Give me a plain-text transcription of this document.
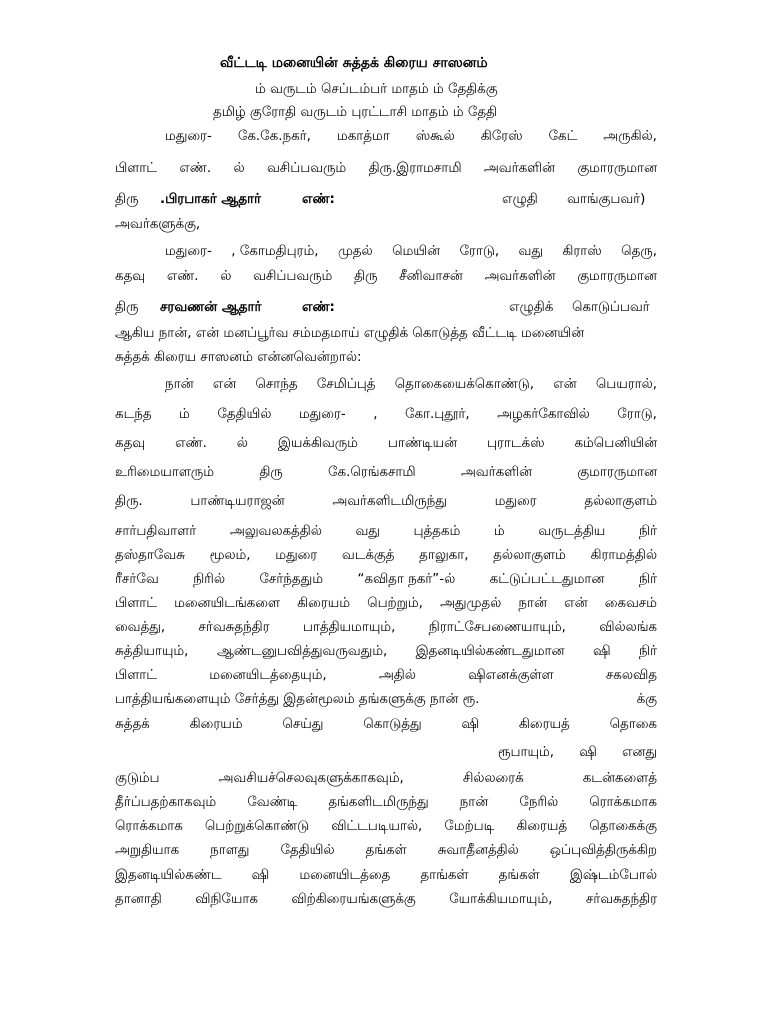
வீட்டடி மனையின் சுத்தக் கிரைய சாஸனம்
ம் வருடம் செப்டம்பர் மாதம் ம் தேதிக்கு
தமிழ் குரோதி வருடம் புரட்டாசி மாதம் ம் தேதி
மதுரை- கே.கே.நகர், மகாத்மா ஸ்கூல் கிரேஸ் கேட் அருகில்,
பிளாட் எண். ல் வசிப்பவரும் திரு.இராமசாமி அவர்களின் குமாரருமான
திரு .பிரபாகர் ஆதார்	எண்:	எழுதி வாங்குபவர்)
அவர்களுக்கு,
மதுரை- , கோமதிபுரம், முதல் மெயின் ரோடு, வது கிராஸ் தெரு,
கதவு எண். ல் வசிப்பவரும் திரு சீனிவாசன் அவர்களின் குமாரருமான
திரு சரவணன் ஆதார்	எண்:	எழுதிக் கொடுப்பவர்
ஆகிய நான், என் மனப்பூர்வ சம்மதமாய் எழுதிக் கொடுத்த வீட்டடி மனையின்
சுத்தக் கிரைய சாஸனம் என்னவென்றால்:
நான் என் சொந்த சேமிப்புத் தொகையைக்கொண்டு, என் பெயரால்,
கடந்த ம் தேதியில் மதுரை- , கோ.புதூர், அழகர்கோவில் ரோடு,
கதவு எண். ல் இயக்கிவரும் பாண்டியன் புராடக்ஸ் கம்பெனியின்
உரிமையாளரும்	திரு	கே.ரெங்கசாமி	அவர்களின்	குமாரருமான
திரு.	பாண்டியராஜன்	அவர்களிடமிருந்து	மதுரை	தல்லாகுளம்
சார்பதிவாளர்	அலுவலகத்தில்	வது	புத்தகம்	ம்	வருடத்திய	நிர்
தஸ்தாவேசு மூலம், மதுரை வடக்குத் தாலுகா, தல்லாகுளம் கிராமத்தில்
ரீசர்வே	நிரில்	சேர்ந்ததும்	“கவிதா நகர்”-ல்	கட்டுப்பட்டதுமான	நிர்
பிளாட் மனையிடங்களை கிரையம் பெற்றும், அதுமுதல் நான் என் கைவசம்
வைத்து, சர்வசுதந்திர பாத்தியமாயும், நிராட்சேபணையாயும், வில்லங்க
சுத்தியாயும், ஆண்டனுபவித்துவருவதும், இதனடியில்கண்டதுமான ஷி நிர்
பிளாட்	மனையிடத்தையும்,	அதில்	ஷிஎனக்குள்ள	சகலவித
பாத்தியங்களையும் சேர்த்து இதன்மூலம் தங்களுக்கு நான் ரூ.	க்கு
சுத்தக்	கிரையம்	செய்து	கொடுத்து	ஷி	கிரையத்	தொகை
ரூபாயும், ஷி எனது
குடும்ப	அவசியச்செலவுகளுக்காகவும்,	சில்லரைக்	கடன்களைத்
தீர்ப்பதற்காகவும் வேண்டி தங்களிடமிருந்து நான் நேரில் ரொக்கமாக
ரொக்கமாக பெற்றுக்கொண்டு விட்டபடியால், மேற்படி கிரையத் தொகைக்கு
அறுதியாக நாளது தேதியில் தங்கள் சுவாதீனத்தில் ஒப்புவித்திருக்கிற
இதனடியில்கண்ட ஷி மனையிடத்தை தாங்கள் தங்கள் இஷ்டம்போல்
தானாதி விநியோக விற்கிரையங்களுக்கு யோக்கியமாயும், சர்வசுதந்திர
